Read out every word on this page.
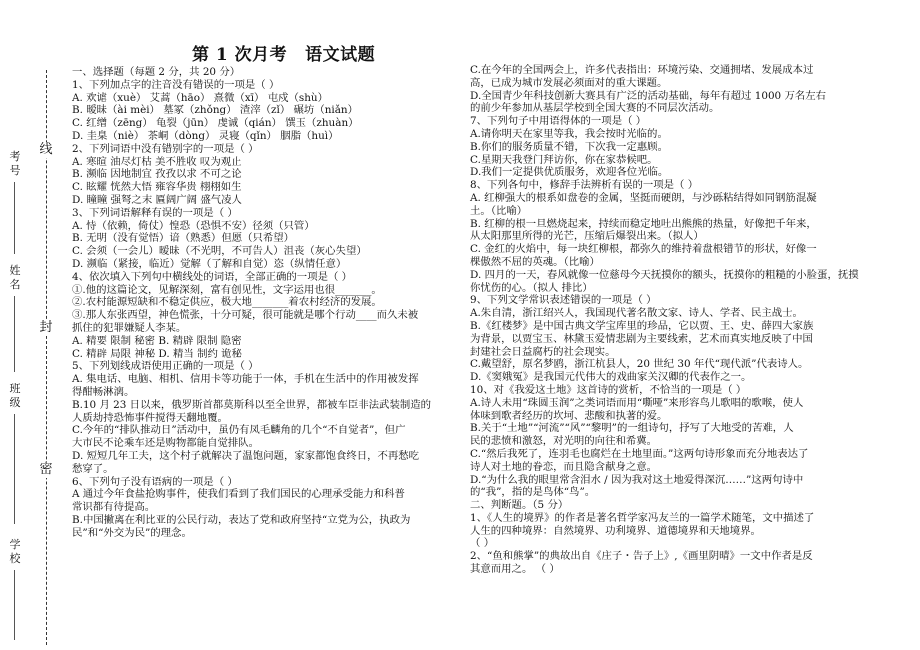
线
封
密
考号
姓名
班级
学校
第 1 次月考 语文试题

一、选择题（每题 2 分，共 20 分）

1、下列加点字的注音没有错误的一项是（ ）

A. 欢谑（xuè） 艾蒿（hāo） 熹微（xī） 屯戍（shù）

B. 暧昧（ài mèi） 墓冢（zhǒng） 渣滓（zǐ） 碾坊（niǎn）

C. 红缯（zēng） 龟裂（jūn） 虔诚（qián） 馔玉（zhuàn）

D. 圭臬（niè） 茶峒（dòng） 灵寝（qǐn） 胭脂（huì）

2、下列词语中没有错别字的一项是（ ）

A. 寒暄 油尽灯枯 美不胜收 叹为观止

B. 濒临 因地制宜 孜孜以求 不可之论

C. 眩耀 恍然大悟 雍容华贵 栩栩如生

D. 瞳瞳 强弩之末 匾阔广阔 盛气凌人

3、下列词语解释有误的一项是（ ）

A. 恃（依赖，倚仗）惶恐（恐惧不安）径须（只管）

B. 无明（没有觉悟）谙（熟悉）但愿（只希望）

C. 会须（一会儿）暧昧（不光明，不可告人）沮丧（灰心失望）

D. 濒临（紧接，临近）觉解（了解和自觉）恣（纵情任意）

4、依次填入下列句中横线处的词语，全部正确的一项是（ ）

①.他的这篇论文，见解深刻，富有创见性，文字运用也很_______。

②.农村能源短缺和不稳定供应，极大地_______着农村经济的发展。

③.那人东张西望，神色慌张，十分可疑，很可能就是哪个行动____而久未被

抓住的犯罪嫌疑人李某。

A. 精要 限制 秘密 B. 精辟 限制 隐密

C. 精辟 局限 神秘 D. 精当 制约 诡秘

5、下列划线成语使用正确的一项是（ ）

A. 集电话、电脑、相机、信用卡等功能于一体，手机在生活中的作用被发挥

得酣畅淋漓。

B.10 月 23 日以来，俄罗斯首都莫斯科以至全世界，都被车臣非法武装制造的

人质劫持恐怖事件搅得天翻地覆。

C.今年的“排队推动日”活动中，虽仍有凤毛麟角的几个“不自觉者”，但广

大市民不论乘车还是购物都能自觉排队。

D. 短短几年工夫，这个村子就解决了温饱问题，家家都饱食终日，不再愁吃

愁穿了。

6、下列句子没有语病的一项是（ ）

A 通过今年食盐抢购事件，使我们看到了我们国民的心理承受能力和科普

常识都有待提高。

B.中国撇离在利比亚的公民行动，表达了党和政府坚持“立党为公，执政为

民”和“外交为民”的理念。

C.在今年的全国两会上，许多代表指出：环境污染、交通拥堵、发展成本过

高，已成为城市发展必须面对的重大课题。

D.全国青少年科技创新大赛具有广泛的活动基础，每年有超过 1000 万名左右

的前少年参加从基层学校到全国大赛的不同层次活动。

7、下列句子中用语得体的一项是（ ）

A.请你明天在家里等我，我会按时光临的。

B.你们的服务质量不错，下次我一定惠顾。

C.星期天我登门拜访你，你在家恭候吧。

D.我们一定提供优质服务，欢迎各位光临。

8、下列各句中，修辞手法辨析有误的一项是（ ）

A. 红柳强大的根系如盘卷的金属，坚挺而硬朗，与沙砾粘结得如同钢筋混凝

土。（比喻）

B. 红柳的根一旦燃烧起来，持续而稳定地吐出熊熊的热量，好像把千年来，

从太阳那里所得的光芒，压缩后爆裂出来。（拟人）

C. 金红的火焰中，每一块红柳根，都弥久的维持着盘根错节的形状，好像一

棵傲然不屈的英魂。（比喻）

D. 四月的一天，春风就像一位慈母今天抚摸你的额头，抚摸你的粗糙的小脸蛋，抚摸

你忧伤的心。（拟人 排比）

9、下列文学常识表述错误的一项是（ ）

A.朱自清，浙江绍兴人，我国现代著名散文家、诗人、学者、民主战士。

B.《红楼梦》是中国古典文学宝库里的珍品，它以贾、王、史、薛四大家族

为背景，以贾宝玉、林黛玉爱情悲剧为主要线索，艺术而真实地反映了中国

封建社会日益腐朽的社会现实。

C.戴望舒，原名梦鸥，浙江杭县人，20 世纪 30 年代“现代派”代表诗人。

D.《窦娥冤》是我国元代伟大的戏曲家关汉卿的代表作之一。

10、对《我爱这土地》这首诗的赏析，不恰当的一项是（ ）

A.诗人未用“珠圆玉润”之类词语而用“嘶哑”来形容鸟儿歌唱的歌喉，使人

体味到歌者经历的坎坷、悲酸和执著的爱。

B.关于“土地”“河流”“风”“黎明”的一组诗句，抒写了大地受的苦难，人

民的悲愤和激怒，对光明的向往和希冀。

C.“然后我死了，连羽毛也腐烂在土地里面。”这两句诗形象而充分地表达了

诗人对土地的眷恋，而且隐含献身之意。

D.“为什么我的眼里常含泪水 / 因为我对这土地爱得深沉……”这两句诗中

的“我”，指的是鸟体“鸟”。

二、判断题。（5 分）

1、《人生的境界》的作者是著名哲学家冯友兰的一篇学术随笔，文中描述了

人生的四种境界：自然境界、功利境界、道德境界和天地境界。

（ ）

2、“鱼和熊掌”的典故出自《庄子・告子上》,《画里阴晴》一文中作者是反

其意而用之。 （ ）
